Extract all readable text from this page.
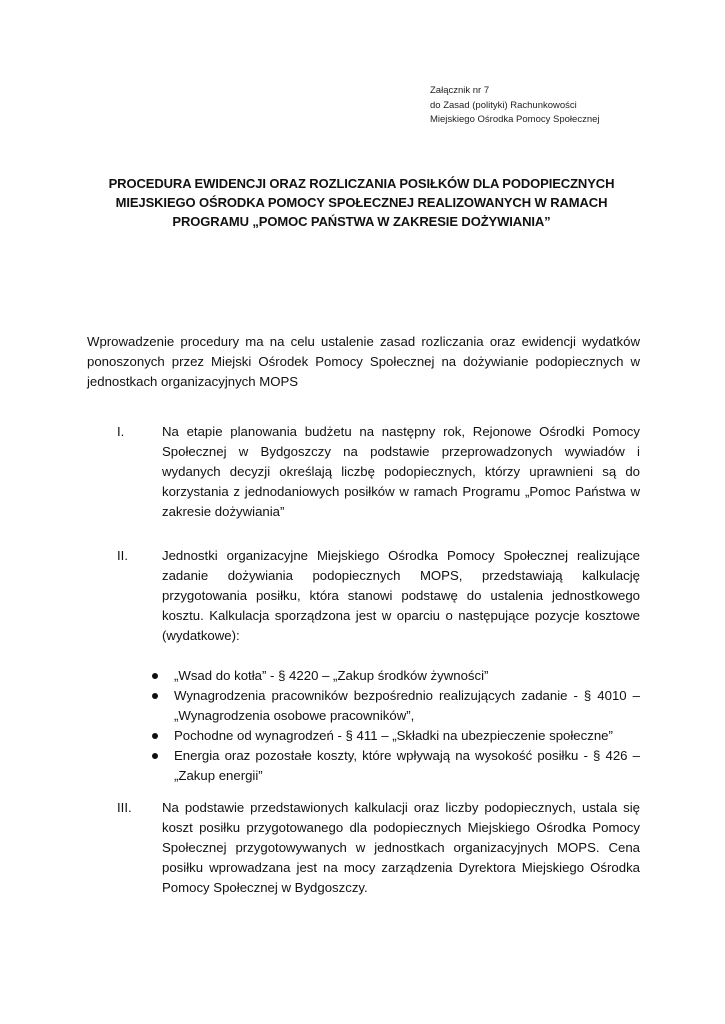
Załącznik nr 7
do Zasad (polityki) Rachunkowości
Miejskiego Ośrodka Pomocy Społecznej
PROCEDURA EWIDENCJI ORAZ ROZLICZANIA POSIŁKÓW DLA PODOPIECZNYCH
MIEJSKIEGO OŚRODKA POMOCY SPOŁECZNEJ REALIZOWANYCH W RAMACH
PROGRAMU „POMOC PAŃSTWA W ZAKRESIE DOŻYWIANIA”

Wprowadzenie procedury ma na celu ustalenie zasad rozliczania oraz ewidencji wydatków ponoszonych przez Miejski Ośrodek Pomocy Społecznej na dożywianie podopiecznych w jednostkach organizacyjnych MOPS

I.	Na etapie planowania budżetu na następny rok, Rejonowe Ośrodki Pomocy Społecznej w Bydgoszczy na podstawie przeprowadzonych wywiadów i wydanych decyzji określają liczbę podopiecznych, którzy uprawnieni są do korzystania z jednodaniowych posiłków w ramach Programu „Pomoc Państwa w zakresie dożywiania”

II.	Jednostki organizacyjne Miejskiego Ośrodka Pomocy Społecznej realizujące zadanie dożywiania podopiecznych MOPS, przedstawiają kalkulację przygotowania posiłku, która stanowi podstawę do ustalenia jednostkowego kosztu. Kalkulacja sporządzona jest w oparciu o następujące pozycje kosztowe (wydatkowe):

„Wsad do kotła” - § 4220 – „Zakup środków żywności”
Wynagrodzenia pracowników bezpośrednio realizujących zadanie - § 4010 – „Wynagrodzenia osobowe pracowników”,
Pochodne od wynagrodzeń - § 411 – „Składki na ubezpieczenie społeczne”
Energia oraz pozostałe koszty, które wpływają na wysokość posiłku - § 426 – „Zakup energii”
III. Na podstawie przedstawionych kalkulacji oraz liczby podopiecznych, ustala się koszt posiłku przygotowanego dla podopiecznych Miejskiego Ośrodka Pomocy Społecznej przygotowywanych w jednostkach organizacyjnych MOPS. Cena posiłku wprowadzana jest na mocy zarządzenia Dyrektora Miejskiego Ośrodka Pomocy Społecznej w Bydgoszczy.
